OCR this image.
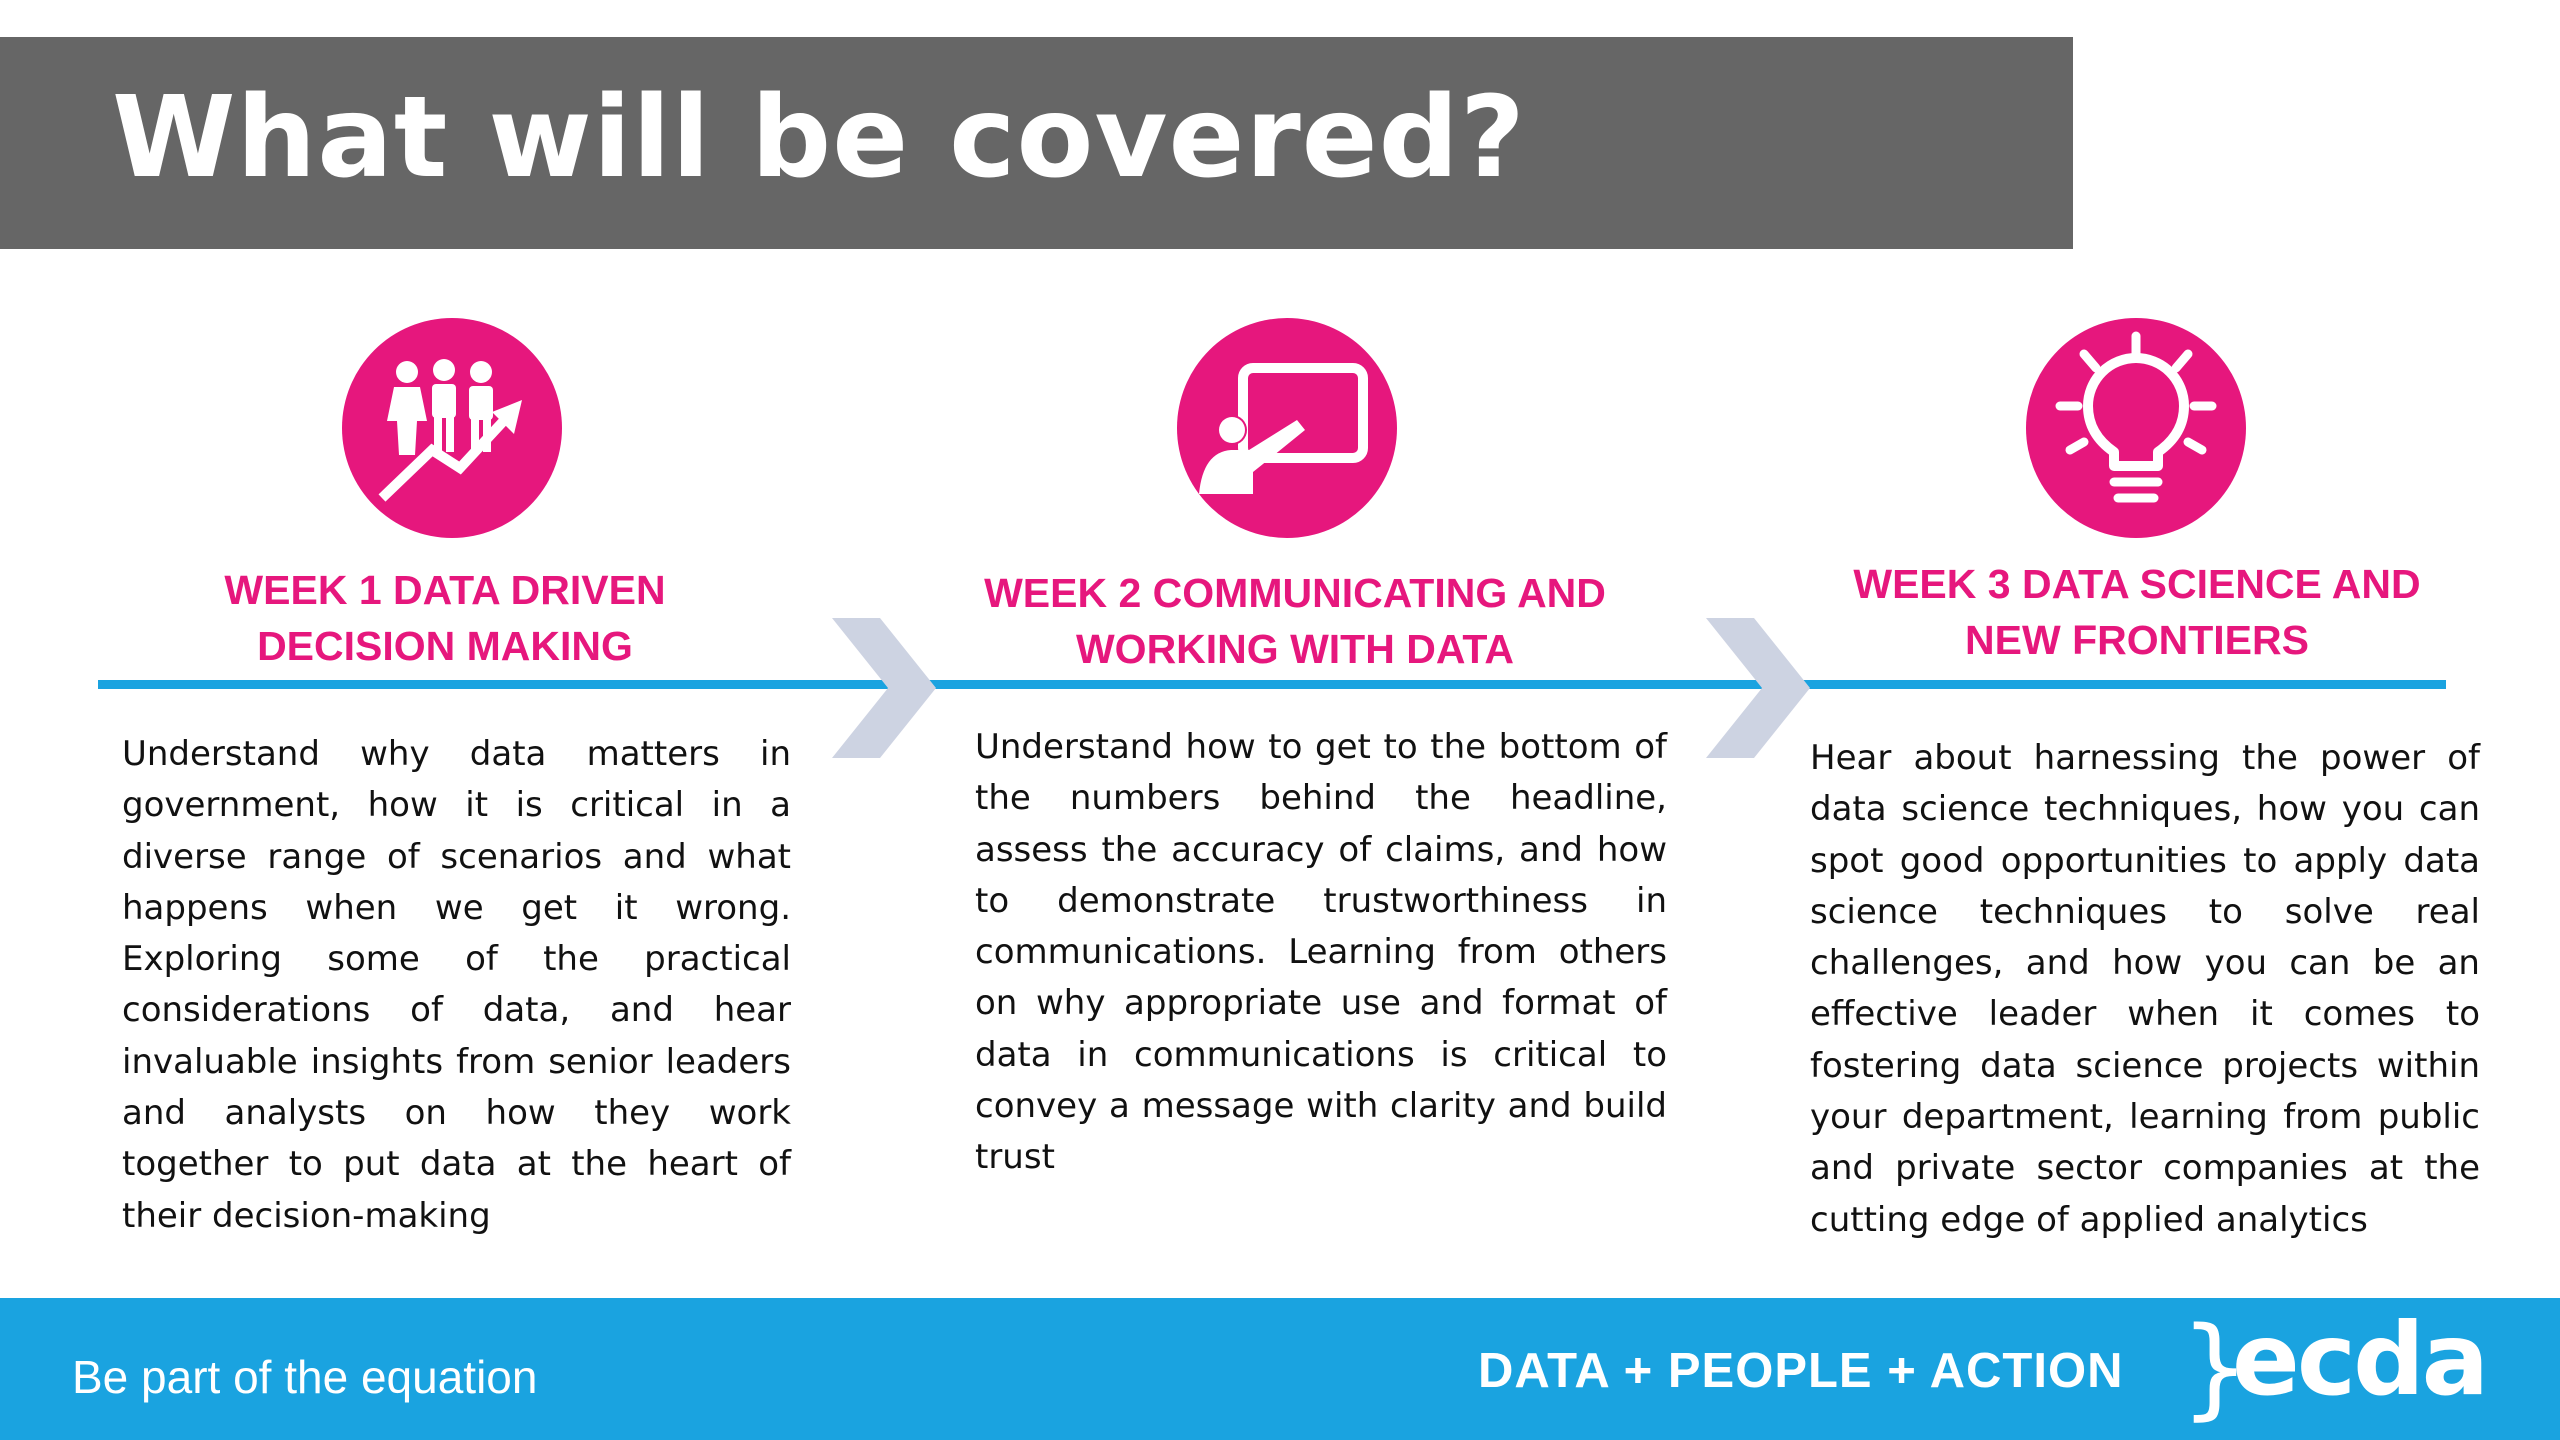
What will be covered?
WEEK 1 DATA DRIVEN
DECISION MAKING

Understand why data matters in government, how it is critical in a diverse range of scenarios and what happens when we get it wrong. Exploring some of the practical considerations of data, and hear invaluable insights from senior leaders and analysts on how they work together to put data at the heart of their decision-making

WEEK 2 COMMUNICATING AND
WORKING WITH DATA

Understand how to get to the bottom of the numbers behind the headline, assess the accuracy of claims, and how to demonstrate trustworthiness in communications. Learning from others on why appropriate use and format of data in communications is critical to convey a message with clarity and build trust

WEEK 3 DATA SCIENCE AND
NEW FRONTIERS

Hear about harnessing the power of data science techniques, how you can spot good opportunities to apply data science techniques to solve real challenges, and how you can be an effective leader when it comes to fostering data science projects within your department, learning from public and private sector companies at the cutting edge of applied analytics

Be part of the equation	DATA + PEOPLE + ACTION }

ecda
